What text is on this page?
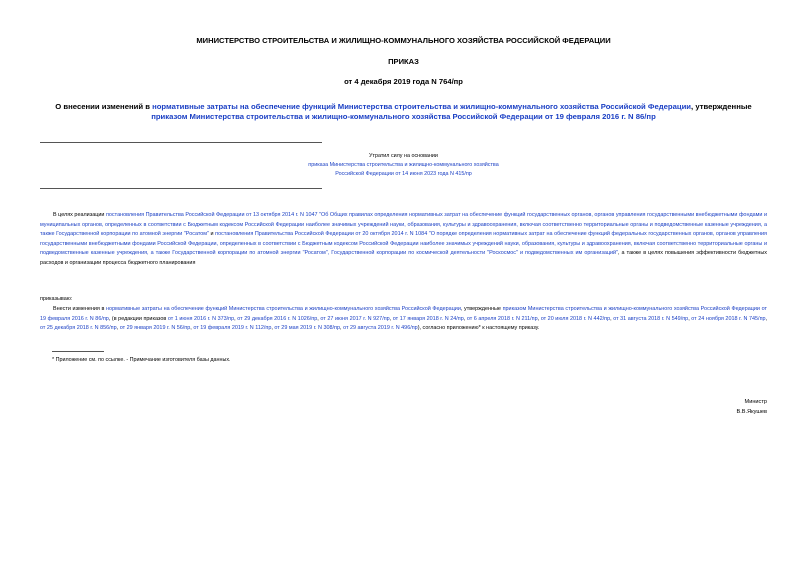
МИНИСТЕРСТВО СТРОИТЕЛЬСТВА И ЖИЛИЩНО-КОММУНАЛЬНОГО ХОЗЯЙСТВА РОССИЙСКОЙ ФЕДЕРАЦИИ
ПРИКАЗ
от 4 декабря 2019 года N 764/пр
О внесении изменений в нормативные затраты на обеспечение функций Министерства строительства и жилищно-коммунального хозяйства Российской Федерации, утвержденные приказом Министерства строительства и жилищно-коммунального хозяйства Российской Федерации от 19 февраля 2016 г. N 86/пр
Утратил силу на основании
приказа Министерства строительства и жилищно-коммунального хозяйства
Российской Федерации от 14 июня 2023 года N 415/пр
В целях реализации постановления Правительства Российской Федерации от 13 октября 2014 г. N 1047 "Об Общих правилах определения нормативных затрат на обеспечение функций государственных органов, органов управления государственными внебюджетными фондами и муниципальных органов, определенных в соответствии с Бюджетным кодексом Российской Федерации наиболее значимых учреждений науки, образования, культуры и здравоохранения, включая соответственно территориальные органы и подведомственные казенные учреждения, а также Государственной корпорации по атомной энергии "Росатом" и постановления Правительства Российской Федерации от 20 октября 2014 г. N 1084 "О порядке определения нормативных затрат на обеспечение функций федеральных государственных органов, органов управления государственными внебюджетными фондами Российской Федерации, определенных в соответствии с Бюджетным кодексом Российской Федерации наиболее значимых учреждений науки, образования, культуры и здравоохранения, включая соответственно территориальные органы и подведомственные казенные учреждения, а также Государственной корпорации по атомной энергии "Росатом", Государственной корпорации по космической деятельности "Роскосмос" и подведомственных им организаций", а также в целях повышения эффективности бюджетных расходов и организации процесса бюджетного планирования
приказываю:
Внести изменения в нормативные затраты на обеспечение функций Министерства строительства и жилищно-коммунального хозяйства Российской Федерации, утвержденные приказом Министерства строительства и жилищно-коммунального хозяйства Российской Федерации от 19 февраля 2016 г. N 86/пр, (в редакции приказов от 1 июня 2016 г. N 373/пр, от 29 декабря 2016 г. N 1026/пр, от 27 июня 2017 г. N 927/пр, от 17 января 2018 г. N 24/пр, от 6 апреля 2018 г. N 211/пр, от 20 июля 2018 г. N 442/пр, от 31 августа 2018 г. N 549/пр, от 24 ноября 2018 г. N 745/пр, от 25 декабря 2018 г. N 856/пр, от 29 января 2019 г. N 56/пр, от 19 февраля 2019 г. N 112/пр, от 29 мая 2019 г. N 308/пр, от 29 августа 2019 г. N 496/пр), согласно приложению* к настоящему приказу.
* Приложение см. по ссылке. - Примечание изготовителя базы данных.
Министр
В.В.Якушев
